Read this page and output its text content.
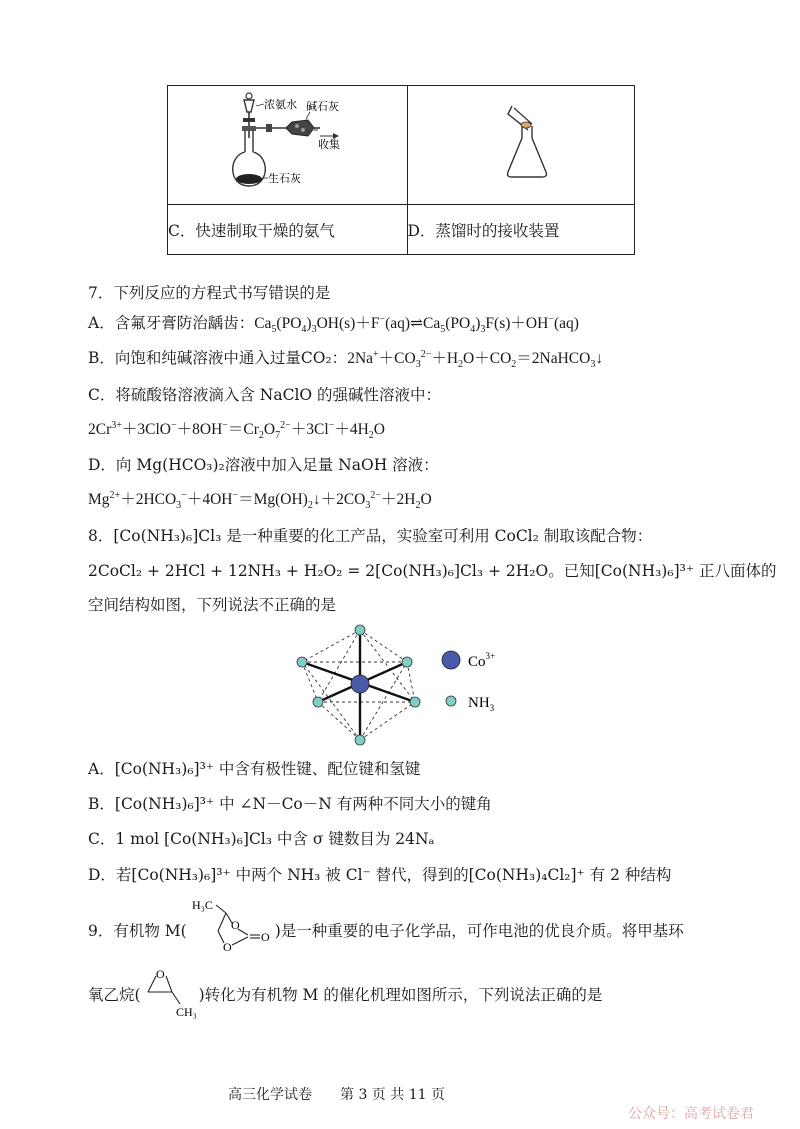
浓氨水 碱石灰
收集
生石灰

C．快速制取干燥的氨气	D．蒸馏时的接收装置
7．下列反应的方程式书写错误的是
A．含氟牙膏防治龋齿：$Ca_5(PO_4)_3OH(s)+F^-(aq)\rightleftharpoons Ca_5(PO_4)_3F(s)+OH^-(aq)$
B．向饱和纯碱溶液中通入过量CO₂：$2Na^++CO_3^{2-}+H_2O+CO_2=2NaHCO_3↓$
C．将硫酸铬溶液滴入含 NaClO 的强碱性溶液中：
$2Cr^{3+}+3ClO^-+8OH^-=Cr_2O_7^{2-}+3Cl^-+4H_2O$
D．向 Mg(HCO₃)₂溶液中加入足量 NaOH 溶液：
$Mg^{2+}+2HCO_3^-+4OH^-=Mg(OH)_2↓+2CO_3^{2-}+2H_2O$
8．[Co(NH₃)₆]Cl₃ 是一种重要的化工产品，实验室可利用 CoCl₂ 制取该配合物：
2CoCl₂ + 2HCl + 12NH₃ + H₂O₂ = 2[Co(NH₃)₆]Cl₃ + 2H₂O。已知[Co(NH₃)₆]³⁺ 正八面体的
空间结构如图，下列说法不正确的是
$Co^{3+}$
$NH_3$
A．[Co(NH₃)₆]³⁺ 中含有极性键、配位键和氢键
B．[Co(NH₃)₆]³⁺ 中 ∠N－Co－N 有两种不同大小的键角
C．1 mol [Co(NH₃)₆]Cl₃ 中含 σ 键数目为 24Nₐ
D．若[Co(NH₃)₆]³⁺ 中两个 NH₃ 被 Cl⁻ 替代，得到的[Co(NH₃)₄Cl₂]⁺ 有 2 种结构
9．有机物 M(	)是一种重要的电子化学品，可作电池的优良介质。将甲基环
H₃C
O
O
O
氧乙烷(	)转化为有机物 M 的催化机理如图所示，下列说法正确的是
O
CH₃
高三化学试卷　　第 3 页 共 11 页
公众号：高考试卷君
